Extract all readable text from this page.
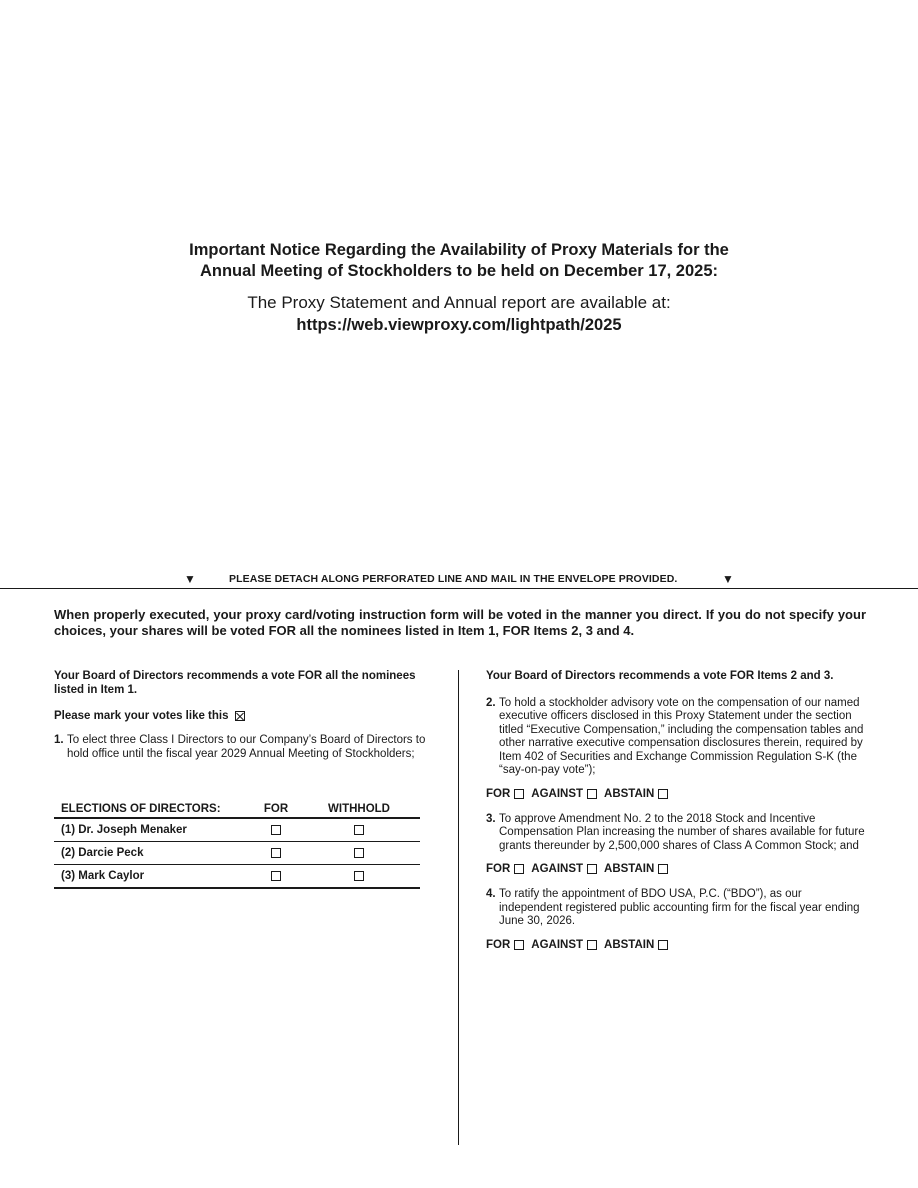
Important Notice Regarding the Availability of Proxy Materials for the
Annual Meeting of Stockholders to be held on December 17, 2025:
The Proxy Statement and Annual report are available at:
https://web.viewproxy.com/lightpath/2025
▼	PLEASE DETACH ALONG PERFORATED LINE AND MAIL IN THE ENVELOPE PROVIDED.	▼
When properly executed, your proxy card/voting instruction form will be voted in the manner you direct. If you do not specify your choices, your shares will be voted FOR all the nominees listed in Item 1, FOR Items 2, 3 and 4.
Your Board of Directors recommends a vote FOR all the nominees listed in Item 1.
Please mark your votes like this
1. To elect three Class I Directors to our Company’s Board of Directors to hold office until the fiscal year 2029 Annual Meeting of Stockholders;
ELECTIONS OF DIRECTORS:	FOR	WITHHOLD
(1) Dr. Joseph Menaker
(2) Darcie Peck
(3) Mark Caylor
Your Board of Directors recommends a vote FOR Items 2 and 3.
2. To hold a stockholder advisory vote on the compensation of our named executive officers disclosed in this Proxy Statement under the section titled “Executive Compensation,” including the compensation tables and other narrative executive compensation disclosures therein, required by Item 402 of Securities and Exchange Commission Regulation S-K (the “say-on-pay vote”);
FOR AGAINST ABSTAIN
3. To approve Amendment No. 2 to the 2018 Stock and Incentive Compensation Plan increasing the number of shares available for future grants thereunder by 2,500,000 shares of Class A Common Stock; and
FOR AGAINST ABSTAIN
4. To ratify the appointment of BDO USA, P.C. (“BDO”), as our independent registered public accounting firm for the fiscal year ending June 30, 2026.
FOR AGAINST ABSTAIN
